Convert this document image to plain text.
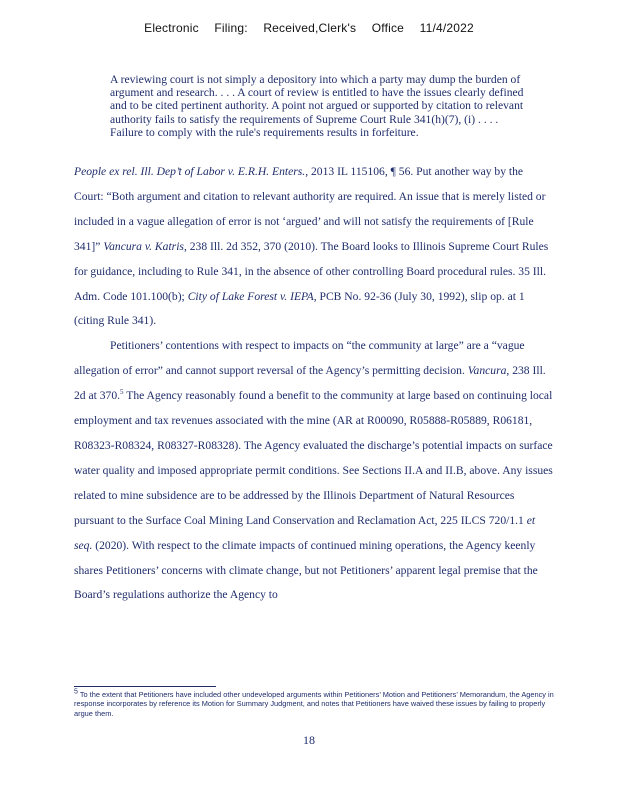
Electronic Filing: Received,Clerk's Office 11/4/2022

A reviewing court is not simply a depository into which a party may dump the burden of argument and research. . . . A court of review is entitled to have the issues clearly defined and to be cited pertinent authority. A point not argued or supported by citation to relevant authority fails to satisfy the requirements of Supreme Court Rule 341(h)(7), (i) . . . . Failure to comply with the rule's requirements results in forfeiture.

People ex rel. Ill. Dep’t of Labor v. E.R.H. Enters., 2013 IL 115106, ¶ 56. Put another way by the Court: “Both argument and citation to relevant authority are required. An issue that is merely listed or included in a vague allegation of error is not ‘argued’ and will not satisfy the requirements of [Rule 341]” Vancura v. Katris, 238 Ill. 2d 352, 370 (2010). The Board looks to Illinois Supreme Court Rules for guidance, including to Rule 341, in the absence of other controlling Board procedural rules. 35 Ill. Adm. Code 101.100(b); City of Lake Forest v. IEPA, PCB No. 92-36 (July 30, 1992), slip op. at 1 (citing Rule 341).

Petitioners’ contentions with respect to impacts on “the community at large” are a “vague allegation of error” and cannot support reversal of the Agency’s permitting decision. Vancura, 238 Ill. 2d at 370.$^5$ The Agency reasonably found a benefit to the community at large based on continuing local employment and tax revenues associated with the mine (AR at R00090, R05888-R05889, R06181, R08323-R08324, R08327-R08328). The Agency evaluated the discharge’s potential impacts on surface water quality and imposed appropriate permit conditions. See Sections II.A and II.B, above. Any issues related to mine subsidence are to be addressed by the Illinois Department of Natural Resources pursuant to the Surface Coal Mining Land Conservation and Reclamation Act, 225 ILCS 720/1.1 et seq. (2020). With respect to the climate impacts of continued mining operations, the Agency keenly shares Petitioners’ concerns with climate change, but not Petitioners’ apparent legal premise that the Board’s regulations authorize the Agency to

5 To the extent that Petitioners have included other undeveloped arguments within Petitioners’ Motion and Petitioners’ Memorandum, the Agency in response incorporates by reference its Motion for Summary Judgment, and notes that Petitioners have waived these issues by failing to properly argue them.

18
